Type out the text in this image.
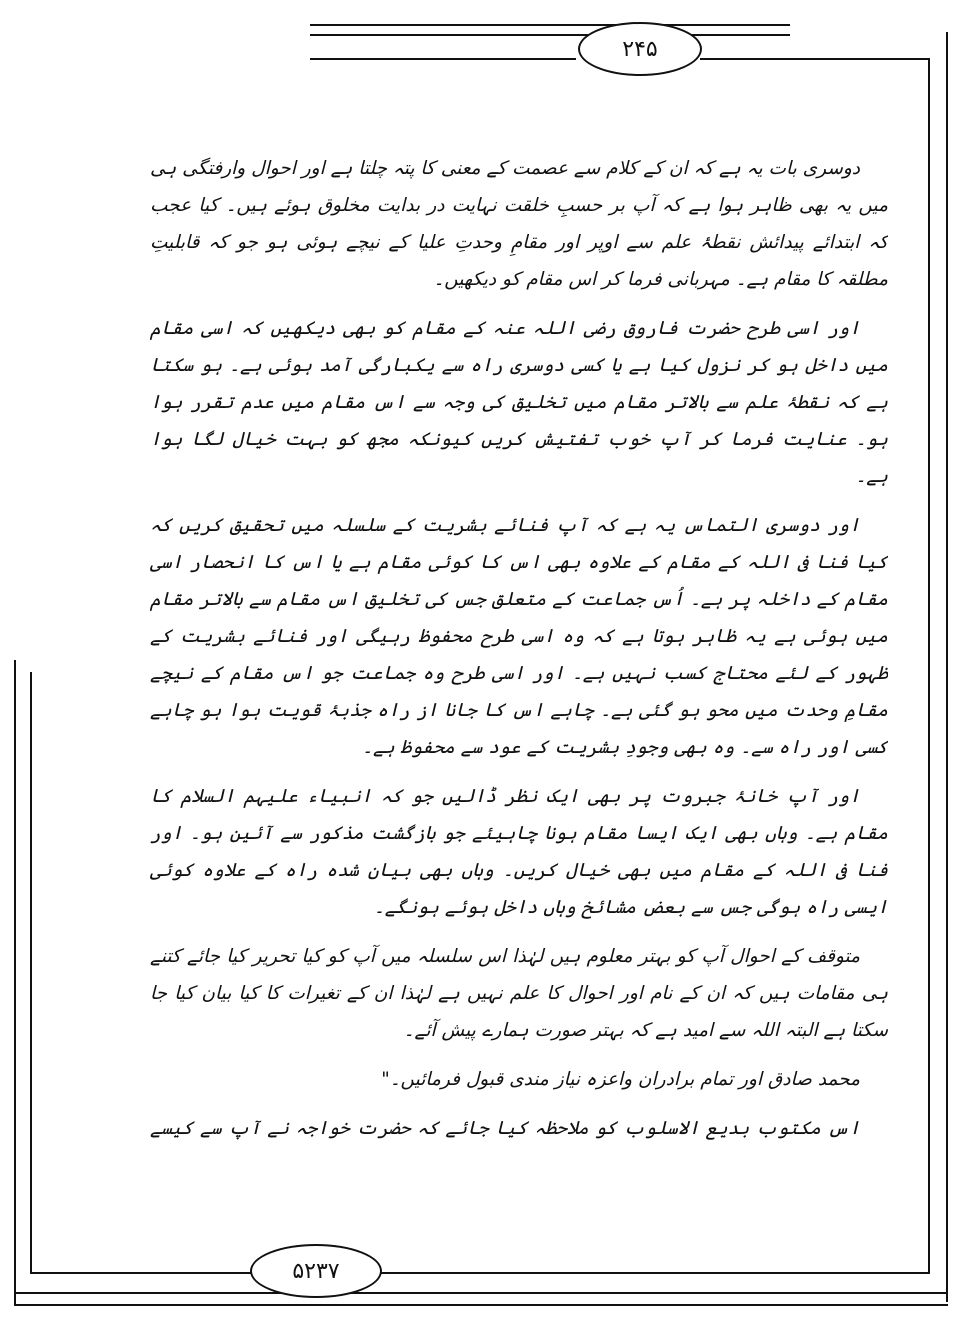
۲۴۵
۵۲۳۷

دوسری بات یہ ہے کہ ان کے کلام سے عصمت کے معنی کا پتہ چلتا ہے اور احوال وارفتگی ہی میں یہ بھی ظاہر ہوا ہے کہ آپ بر حسبِ خلقت نہایت در بدایت مخلوق ہوئے ہیں۔ کیا عجب کہ ابتدائے پیدائش نقطۂ علم سے اوپر اور مقامِ وحدتِ علیا کے نیچے ہوئی ہو جو کہ قابلیتِ مطلقہ کا مقام ہے۔ مہربانی فرما کر اس مقام کو دیکھیں۔

اور اسی طرح حضرت فاروق رضی اللہ عنہ کے مقام کو بھی دیکھیں کہ اسی مقام میں داخل ہو کر نزول کیا ہے یا کسی دوسری راہ سے یکبارگی آمد ہوئی ہے۔ ہو سکتا ہے کہ نقطۂ علم سے بالاتر مقام میں تخلیق کی وجہ سے اس مقام میں عدم تقرر ہوا ہو۔ عنایت فرما کر آپ خوب تفتیش کریں کیونکہ مجھ کو بہت خیال لگا ہوا ہے۔

اور دوسری التماس یہ ہے کہ آپ فنائے بشریت کے سلسلہ میں تحقیق کریں کہ کیا فنا فی اللہ کے مقام کے علاوہ بھی اس کا کوئی مقام ہے یا اس کا انحصار اسی مقام کے داخلہ پر ہے۔ اُس جماعت کے متعلق جس کی تخلیق اس مقام سے بالاتر مقام میں ہوئی ہے یہ ظاہر ہوتا ہے کہ وہ اسی طرح محفوظ رہیگی اور فنائے بشریت کے ظہور کے لئے محتاج کسب نہیں ہے۔ اور اسی طرح وہ جماعت جو اس مقام کے نیچے مقامِ وحدت میں محو ہو گئی ہے۔ چاہے اس کا جانا از راہ جذبۂ قویت ہوا ہو چاہے کسی اور راہ سے۔ وہ بھی وجودِ بشریت کے عود سے محفوظ ہے۔

اور آپ خانۂ جبروت پر بھی ایک نظر ڈالیں جو کہ انبیاء علیہم السلام کا مقام ہے۔ وہاں بھی ایک ایسا مقام ہونا چاہیئے جو بازگشت مذکور سے آئین ہو۔ اور فنا فی اللہ کے مقام میں بھی خیال کریں۔ وہاں بھی بیان شدہ راہ کے علاوہ کوئی ایسی راہ ہوگی جس سے بعض مشائخ وہاں داخل ہوئے ہونگے۔

متوقف کے احوال آپ کو بہتر معلوم ہیں لہٰذا اس سلسلہ میں آپ کو کیا تحریر کیا جائے کتنے ہی مقامات ہیں کہ ان کے نام اور احوال کا علم نہیں ہے لہٰذا ان کے تغیرات کا کیا بیان کیا جا سکتا ہے البتہ اللہ سے امید ہے کہ بہتر صورت ہمارے پیش آئے۔

محمد صادق اور تمام برادران واعزہ نیاز مندی قبول فرمائیں۔"

اس مکتوب بدیع الاسلوب کو ملاحظہ کیا جائے کہ حضرت خواجہ نے آپ سے کیسے
